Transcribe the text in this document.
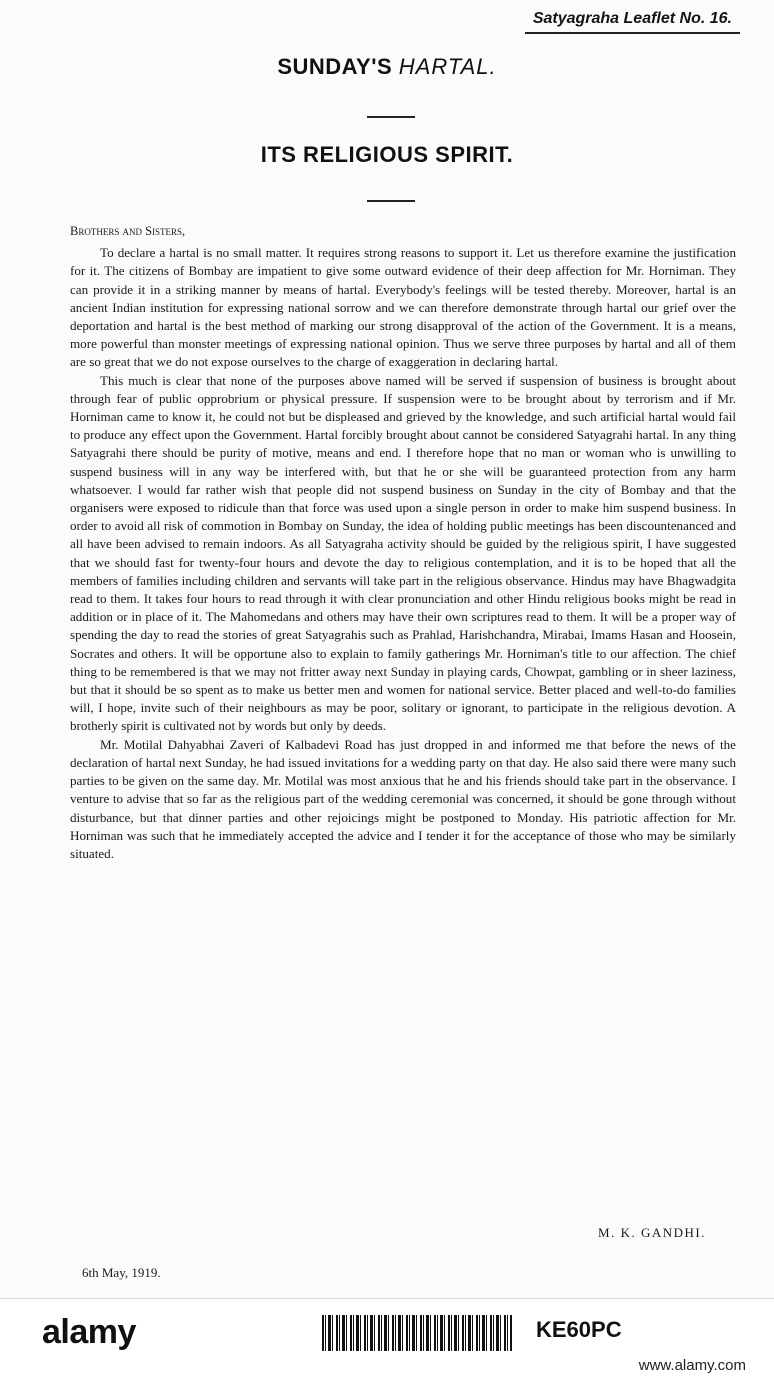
Satyagraha Leaflet No. 16.
SUNDAY'S HARTAL.
ITS RELIGIOUS SPIRIT.

Brothers and Sisters,

To declare a hartal is no small matter. It requires strong reasons to support it. Let us therefore examine the justification for it. The citizens of Bombay are impatient to give some outward evidence of their deep affection for Mr. Horniman. They can provide it in a striking manner by means of hartal. Everybody's feelings will be tested thereby. Moreover, hartal is an ancient Indian institution for expressing national sorrow and we can therefore demonstrate through hartal our grief over the deportation and hartal is the best method of marking our strong disapproval of the action of the Government. It is a means, more powerful than monster meetings of expressing national opinion. Thus we serve three purposes by hartal and all of them are so great that we do not expose ourselves to the charge of exaggeration in declaring hartal.

This much is clear that none of the purposes above named will be served if suspension of business is brought about through fear of public opprobrium or physical pressure. If suspension were to be brought about by terrorism and if Mr. Horniman came to know it, he could not but be displeased and grieved by the knowledge, and such artificial hartal would fail to produce any effect upon the Government. Hartal forcibly brought about cannot be considered Satyagrahi hartal. In any thing Satyagrahi there should be purity of motive, means and end. I therefore hope that no man or woman who is unwilling to suspend business will in any way be interfered with, but that he or she will be guaranteed protection from any harm whatsoever. I would far rather wish that people did not suspend business on Sunday in the city of Bombay and that the organisers were exposed to ridicule than that force was used upon a single person in order to make him suspend business. In order to avoid all risk of commotion in Bombay on Sunday, the idea of holding public meetings has been discountenanced and all have been advised to remain indoors. As all Satyagraha activity should be guided by the religious spirit, I have suggested that we should fast for twenty-four hours and devote the day to religious contemplation, and it is to be hoped that all the members of families including children and servants will take part in the religious observance. Hindus may have Bhagwadgita read to them. It takes four hours to read through it with clear pronunciation and other Hindu religious books might be read in addition or in place of it. The Mahomedans and others may have their own scriptures read to them. It will be a proper way of spending the day to read the stories of great Satyagrahis such as Prahlad, Harishchandra, Mirabai, Imams Hasan and Hoosein, Socrates and others. It will be opportune also to explain to family gatherings Mr. Horniman's title to our affection. The chief thing to be remembered is that we may not fritter away next Sunday in playing cards, Chowpat, gambling or in sheer laziness, but that it should be so spent as to make us better men and women for national service. Better placed and well-to-do families will, I hope, invite such of their neighbours as may be poor, solitary or ignorant, to participate in the religious devotion. A brotherly spirit is cultivated not by words but only by deeds.

Mr. Motilal Dahyabhai Zaveri of Kalbadevi Road has just dropped in and informed me that before the news of the declaration of hartal next Sunday, he had issued invitations for a wedding party on that day. He also said there were many such parties to be given on the same day. Mr. Motilal was most anxious that he and his friends should take part in the observance. I venture to advise that so far as the religious part of the wedding ceremonial was concerned, it should be gone through without disturbance, but that dinner parties and other rejoicings might be postponed to Monday. His patriotic affection for Mr. Horniman was such that he immediately accepted the advice and I tender it for the acceptance of those who may be similarly situated.

M. K. GANDHI.
6th May, 1919.
alamy	KE60PC
www.alamy.com
